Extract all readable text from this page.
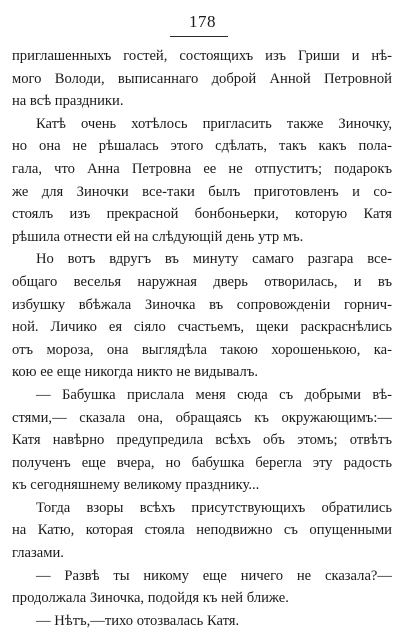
178
приглашенныхъ гостей, состоящихъ изъ Гриши и нѣ-
мого Володи, выписаннаго доброй Анной Петровной
на всѣ праздники.
Катѣ очень хотѣлось пригласить также Зиночку,
но она не рѣшалась этого сдѣлать, такъ какъ пола-
гала, что Анна Петровна ее не отпуститъ; подарокъ
же для Зиночки все-таки былъ приготовленъ и со-
стоялъ изъ прекрасной бонбоньерки, которую Катя
рѣшила отнести ей на слѣдующій день утр мъ.
Но вотъ вдругъ въ минуту самаго разгара все-
общаго веселья наружная дверь отворилась, и въ
избушку вбѣжала Зиночка въ сопровожденіи горнич-
ной. Личико ея сіяло счастьемъ, щеки раскраснѣлись
отъ мороза, она выглядѣла такою хорошенькою, ка-
кою ее еще никогда никто не видывалъ.
— Бабушка прислала меня сюда съ добрыми вѣ-
стями,— сказала она, обращаясь къ окружающимъ:—
Катя навѣрно предупредила всѣхъ объ этомъ; отвѣтъ
полученъ еще вчера, но бабушка берегла эту радость
къ сегодняшнему великому празднику...
Тогда взоры всѣхъ присутствующихъ обратились
на Катю, которая стояла неподвижно съ опущенными
глазами.
— Развѣ ты никому еще ничего не сказала?—
продолжала Зиночка, подойдя къ ней ближе.
— Нѣтъ,—тихо отозвалась Катя.
